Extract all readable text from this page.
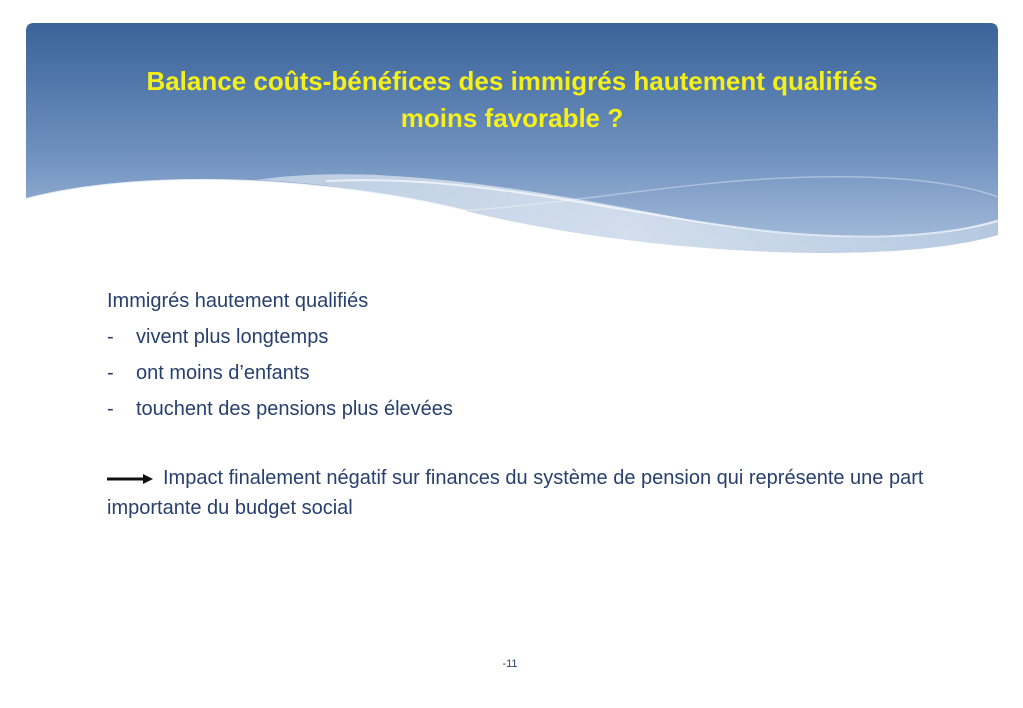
Balance coûts-bénéfices des immigrés hautement qualifiés
moins favorable ?

Immigrés hautement qualifiés

- vivent plus longtemps
- ont moins d’enfants
- touchent des pensions plus élevées

Impact finalement négatif sur finances du système de pension qui représente une part importante du budget social

-11
